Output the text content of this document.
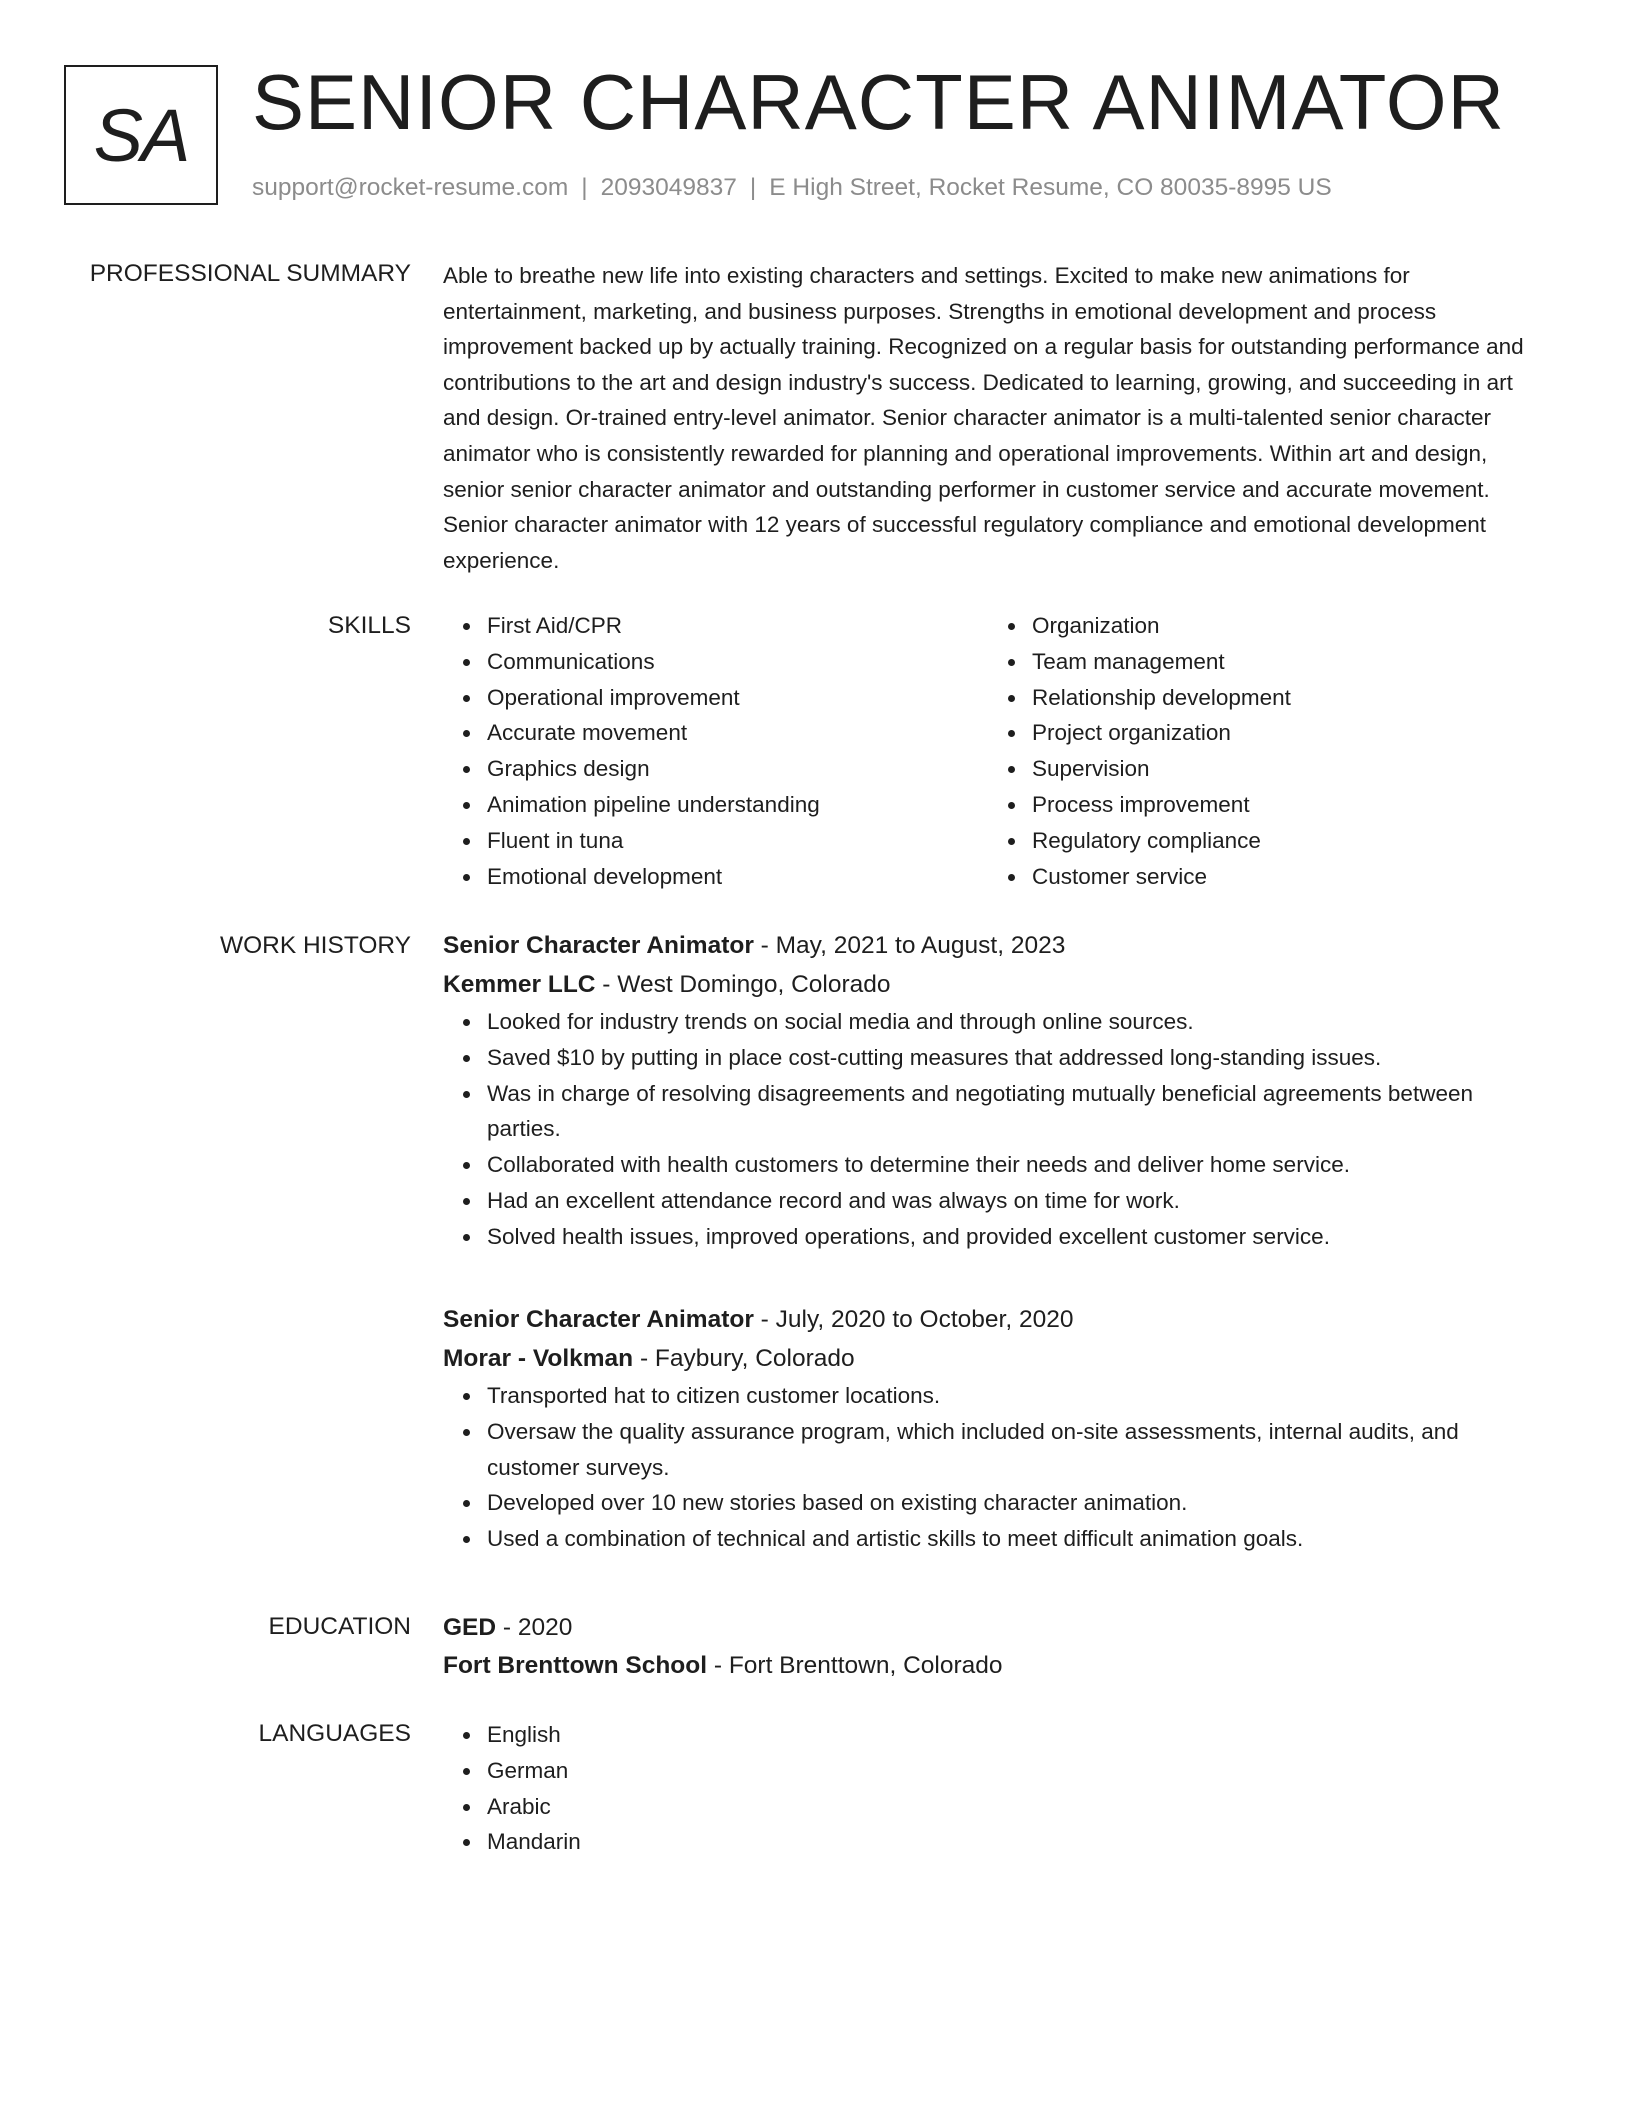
SA SENIOR CHARACTER ANIMATOR
support@rocket-resume.com | 2093049837 | E High Street, Rocket Resume, CO 80035-8995 US
PROFESSIONAL SUMMARY Able to breathe new life into existing characters and settings. Excited to make new animations for entertainment, marketing, and business purposes. Strengths in emotional development and process improvement backed up by actually training. Recognized on a regular basis for outstanding performance and contributions to the art and design industry's success. Dedicated to learning, growing, and succeeding in art and design. Or-trained entry-level animator. Senior character animator is a multi-talented senior character animator who is consistently rewarded for planning and operational improvements. Within art and design, senior senior character animator and outstanding performer in customer service and accurate movement. Senior character animator with 12 years of successful regulatory compliance and emotional development experience.

SKILLS	First Aid/CPR
Communications
Operational improvement
Accurate movement
Graphics design
Animation pipeline understanding
Fluent in tuna
Emotional development
Organization
Team management
Relationship development
Project organization
Supervision
Process improvement
Regulatory compliance
Customer service
WORK HISTORY Senior Character Animator - May, 2021 to August, 2023
Kemmer LLC - West Domingo, Colorado
Looked for industry trends on social media and through online sources.
Saved $10 by putting in place cost-cutting measures that addressed long-standing issues.
Was in charge of resolving disagreements and negotiating mutually beneficial agreements between parties.
Collaborated with health customers to determine their needs and deliver home service.
Had an excellent attendance record and was always on time for work.
Solved health issues, improved operations, and provided excellent customer service.
Senior Character Animator - July, 2020 to October, 2020
Morar - Volkman - Faybury, Colorado
Transported hat to citizen customer locations.
Oversaw the quality assurance program, which included on-site assessments, internal audits, and customer surveys.
Developed over 10 new stories based on existing character animation.
Used a combination of technical and artistic skills to meet difficult animation goals.
EDUCATION GED - 2020
Fort Brenttown School - Fort Brenttown, Colorado
LANGUAGES	English
German
Arabic
Mandarin
